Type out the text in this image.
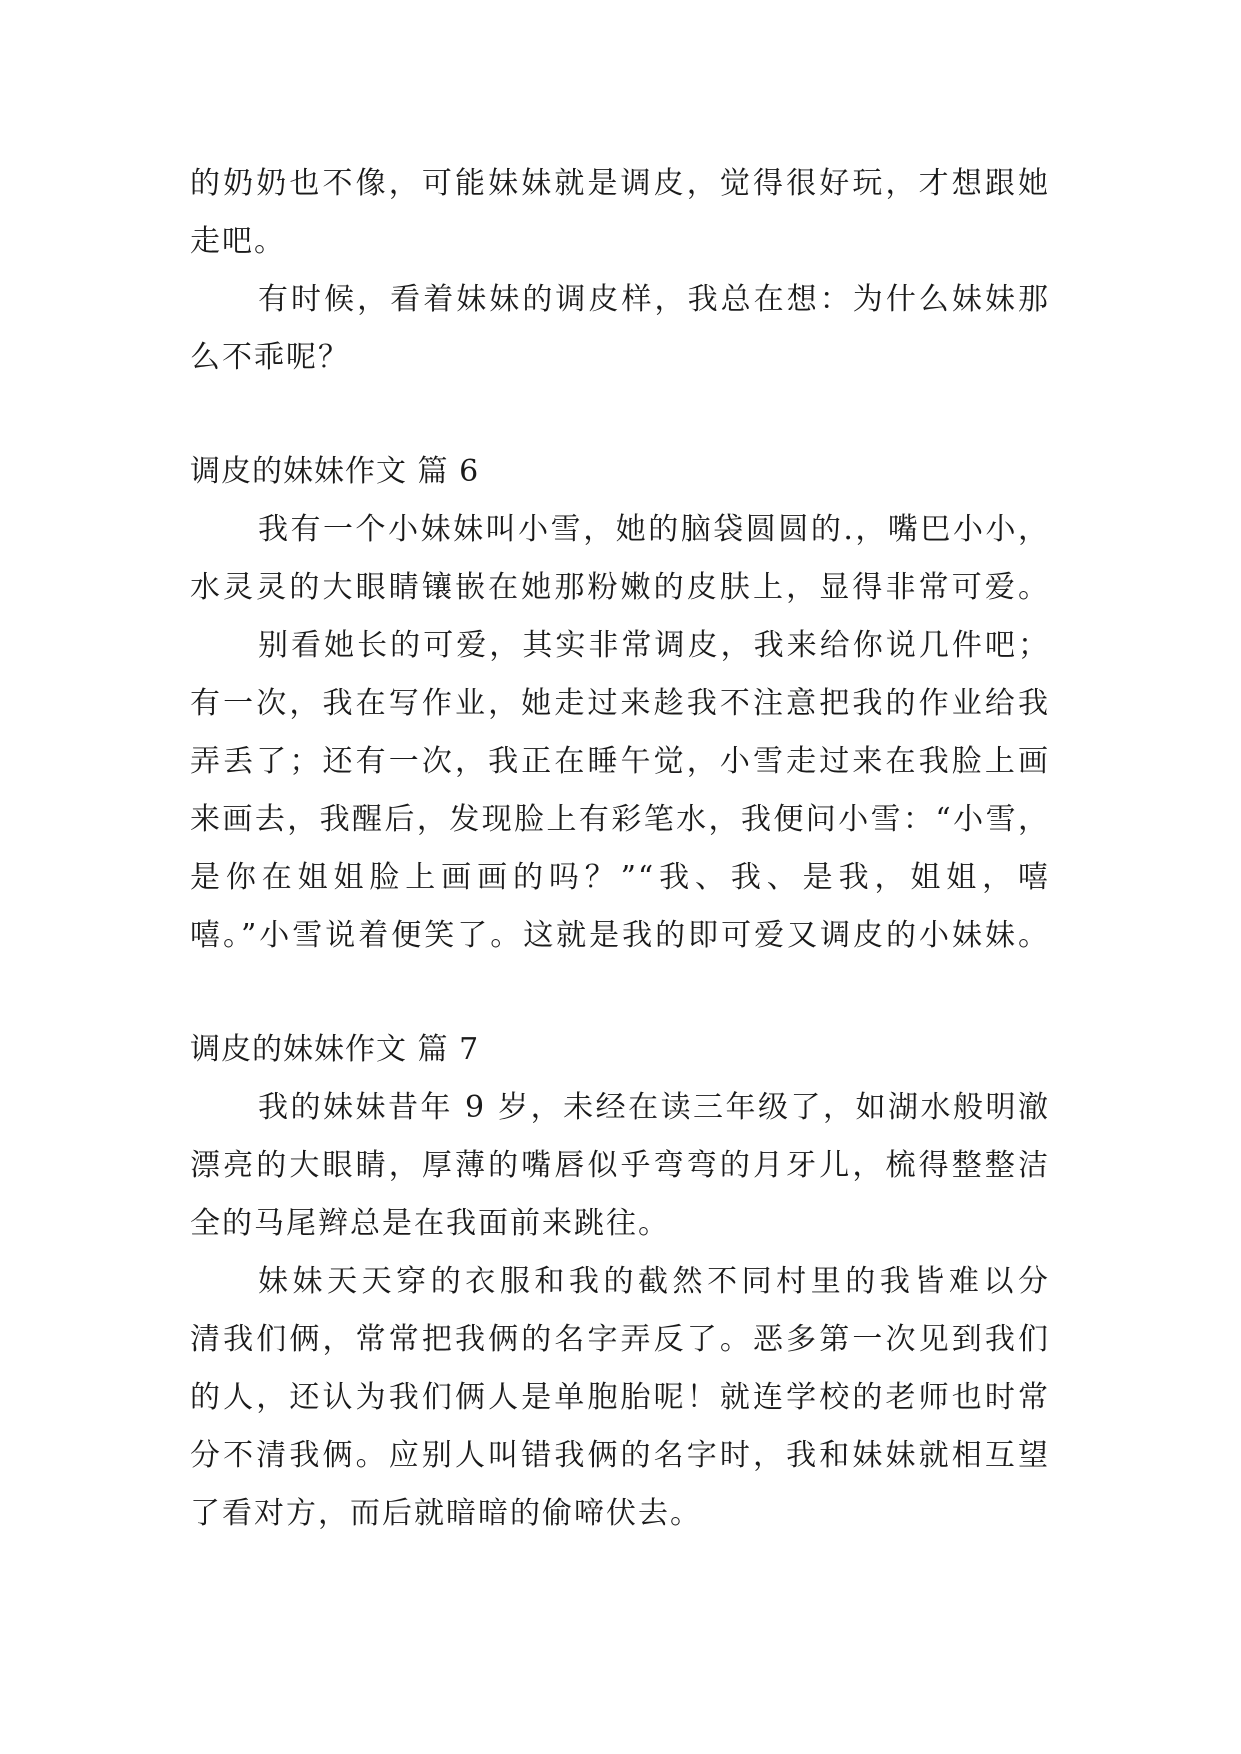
的奶奶也不像，可能妹妹就是调皮，觉得很好玩，才想跟她
走吧。
有时候，看着妹妹的调皮样，我总在想：为什么妹妹那
么不乖呢？
调皮的妹妹作文 篇 6
我有一个小妹妹叫小雪，她的脑袋圆圆的.，嘴巴小小，
水灵灵的大眼睛镶嵌在她那粉嫩的皮肤上，显得非常可爱。
别看她长的可爱，其实非常调皮，我来给你说几件吧；
有一次，我在写作业，她走过来趁我不注意把我的作业给我
弄丢了；还有一次，我正在睡午觉，小雪走过来在我脸上画
来画去，我醒后，发现脸上有彩笔水，我便问小雪：“小雪，
是你在姐姐脸上画画的吗？”“我、我、是我，姐姐，嘻
嘻。”小雪说着便笑了。这就是我的即可爱又调皮的小妹妹。
调皮的妹妹作文 篇 7
我的妹妹昔年 9 岁，未经在读三年级了，如湖水般明澈
漂亮的大眼睛，厚薄的嘴唇似乎弯弯的月牙儿，梳得整整洁
全的马尾辫总是在我面前来跳往。
妹妹天天穿的衣服和我的截然不同村里的我皆难以分
清我们俩，常常把我俩的名字弄反了。恶多第一次见到我们
的人，还认为我们俩人是单胞胎呢！就连学校的老师也时常
分不清我俩。应别人叫错我俩的名字时，我和妹妹就相互望
了看对方，而后就暗暗的偷啼伏去。
